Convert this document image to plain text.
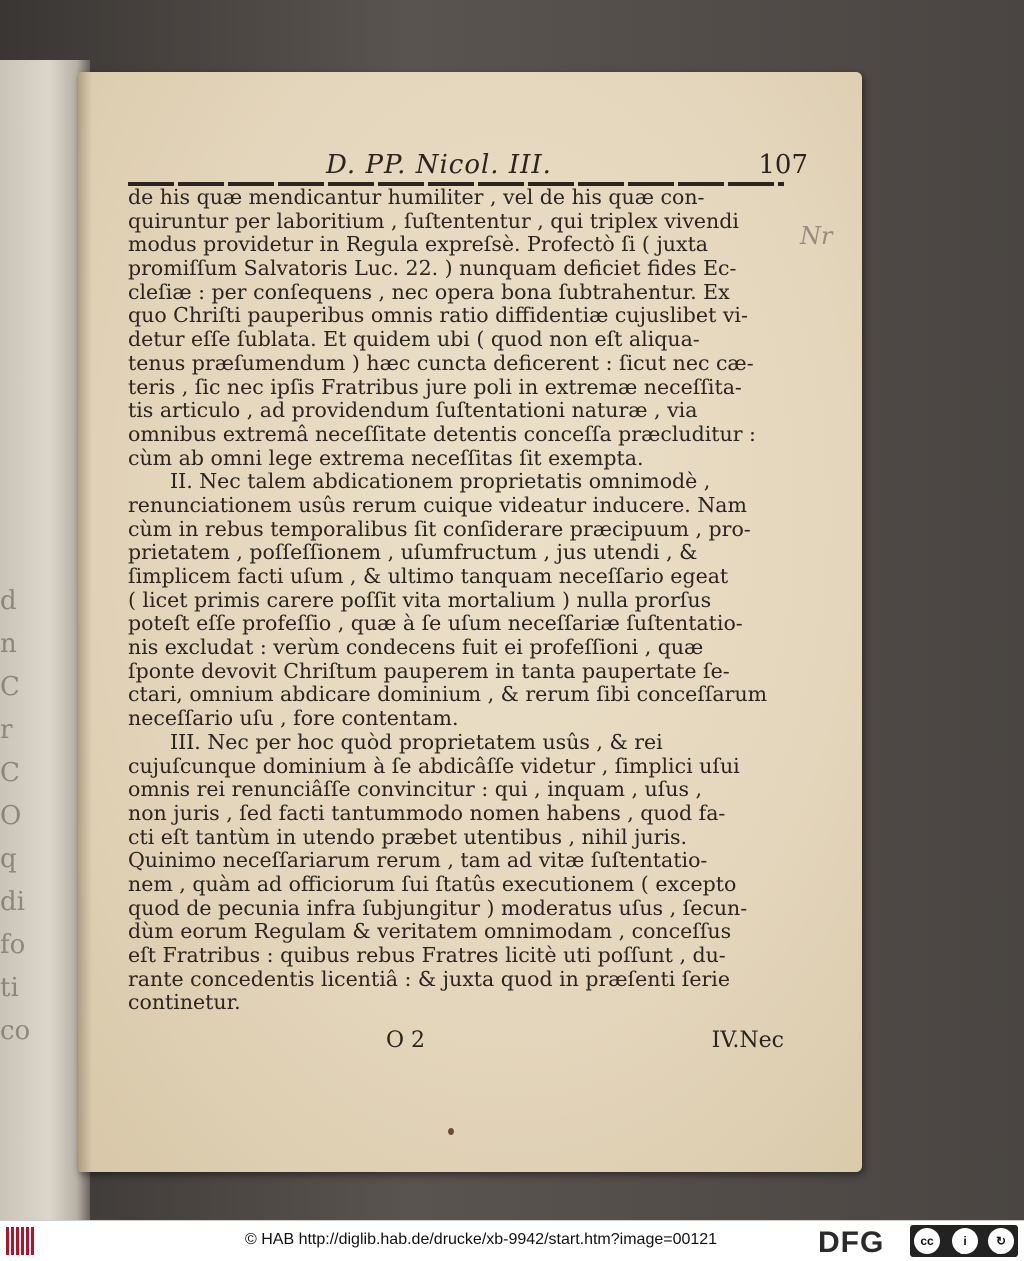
d
n
C
r
C
O
q
di
fo
ti
co
D. PP. Nicol. III.	107
Nr
de his quæ mendicantur humiliter , vel de his quæ con-
quiruntur per laboritium , ſuſtententur , qui triplex vivendi
modus providetur in Regula expreſsè. Profectò ſi ( juxta
promiſſum Salvatoris Luc. 22. ) nunquam deficiet fides Ec-
cleſiæ : per conſequens , nec opera bona ſubtrahentur. Ex
quo Chriſti pauperibus omnis ratio diffidentiæ cujuslibet vi-
detur eſſe ſublata. Et quidem ubi ( quod non eſt aliqua-
tenus præſumendum ) hæc cuncta deficerent : ſicut nec cæ-
teris , ſic nec ipſis Fratribus jure poli in extremæ neceſſita-
tis articulo , ad providendum ſuſtentationi naturæ , via
omnibus extremâ neceſſitate detentis conceſſa præcluditur :
cùm ab omni lege extrema neceſſitas ſit exempta.
II. Nec talem abdicationem proprietatis omnimodè ,
renunciationem usûs rerum cuique videatur inducere. Nam
cùm in rebus temporalibus ſit conſiderare præcipuum , pro-
prietatem , poſſeſſionem , uſumfructum , jus utendi , &
ſimplicem facti uſum , & ultimo tanquam neceſſario egeat
( licet primis carere poſſit vita mortalium ) nulla prorſus
poteſt eſſe profeſſio , quæ à ſe uſum neceſſariæ ſuſtentatio-
nis excludat : verùm condecens fuit ei profeſſioni , quæ
ſponte devovit Chriſtum pauperem in tanta paupertate ſe-
ctari, omnium abdicare dominium , & rerum ſibi conceſſarum
neceſſario uſu , fore contentam.
III. Nec per hoc quòd proprietatem usûs , & rei
cujuſcunque dominium à ſe abdicâſſe videtur , ſimplici uſui
omnis rei renunciâſſe convincitur : qui , inquam , uſus ,
non juris , ſed facti tantummodo nomen habens , quod fa-
cti eſt tantùm in utendo præbet utentibus , nihil juris.
Quinimo neceſſariarum rerum , tam ad vitæ ſuſtentatio-
nem , quàm ad officiorum ſui ſtatûs executionem ( excepto
quod de pecunia infra ſubjungitur ) moderatus uſus , ſecun-
dùm eorum Regulam & veritatem omnimodam , conceſſus
eſt Fratribus : quibus rebus Fratres licitè uti poſſunt , du-
rante concedentis licentiâ : & juxta quod in præſenti ſerie
continetur.
O 2	IV.Nec
© HAB http://diglib.hab.de/drucke/xb-9942/start.htm?image=00121	DFG	cc	i
BY
↻
SA
